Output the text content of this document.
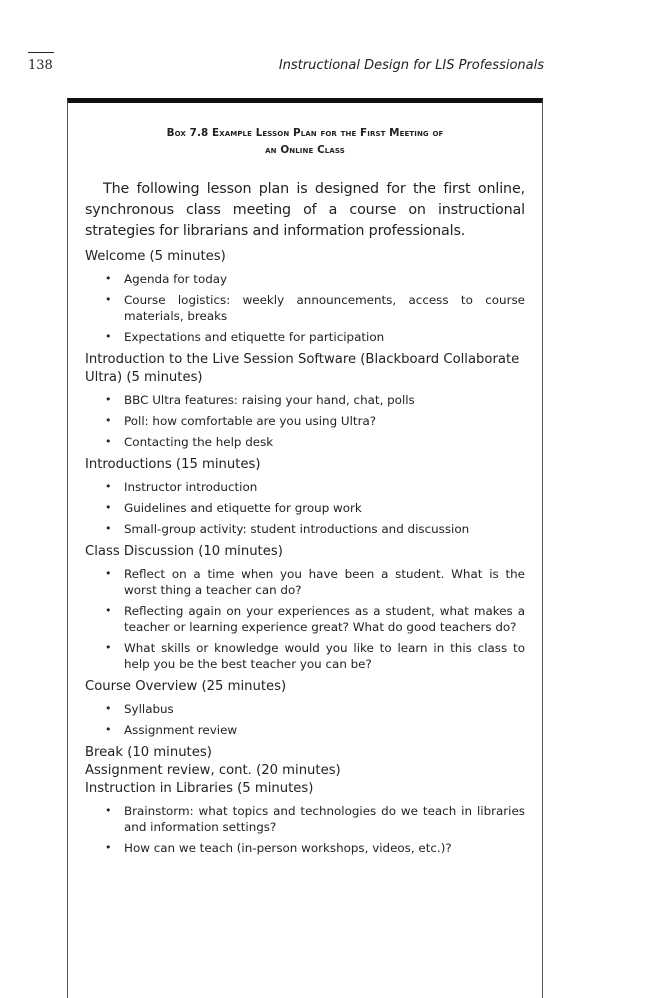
138	Instructional Design for LIS Professionals
Box 7.8 Example Lesson Plan for the First Meeting of
an Online Class

The following lesson plan is designed for the first online, synchronous class meeting of a course on instructional strategies for librarians and information professionals.

Welcome (5 minutes)
• Agenda for today
• Course logistics: weekly announcements, access to course materials, breaks
• Expectations and etiquette for participation
Introduction to the Live Session Software (Blackboard Collaborate Ultra) (5 minutes)
• BBC Ultra features: raising your hand, chat, polls
• Poll: how comfortable are you using Ultra?
• Contacting the help desk
Introductions (15 minutes)
• Instructor introduction
• Guidelines and etiquette for group work
• Small-group activity: student introductions and discussion
Class Discussion (10 minutes)
• Reflect on a time when you have been a student. What is the worst thing a teacher can do?
• Reflecting again on your experiences as a student, what makes a teacher or learning experience great? What do good teachers do?
• What skills or knowledge would you like to learn in this class to help you be the best teacher you can be?
Course Overview (25 minutes)
• Syllabus
• Assignment review
Break (10 minutes)
Assignment review, cont. (20 minutes)
Instruction in Libraries (5 minutes)
• Brainstorm: what topics and technologies do we teach in libraries and information settings?
• How can we teach (in-person workshops, videos, etc.)?
